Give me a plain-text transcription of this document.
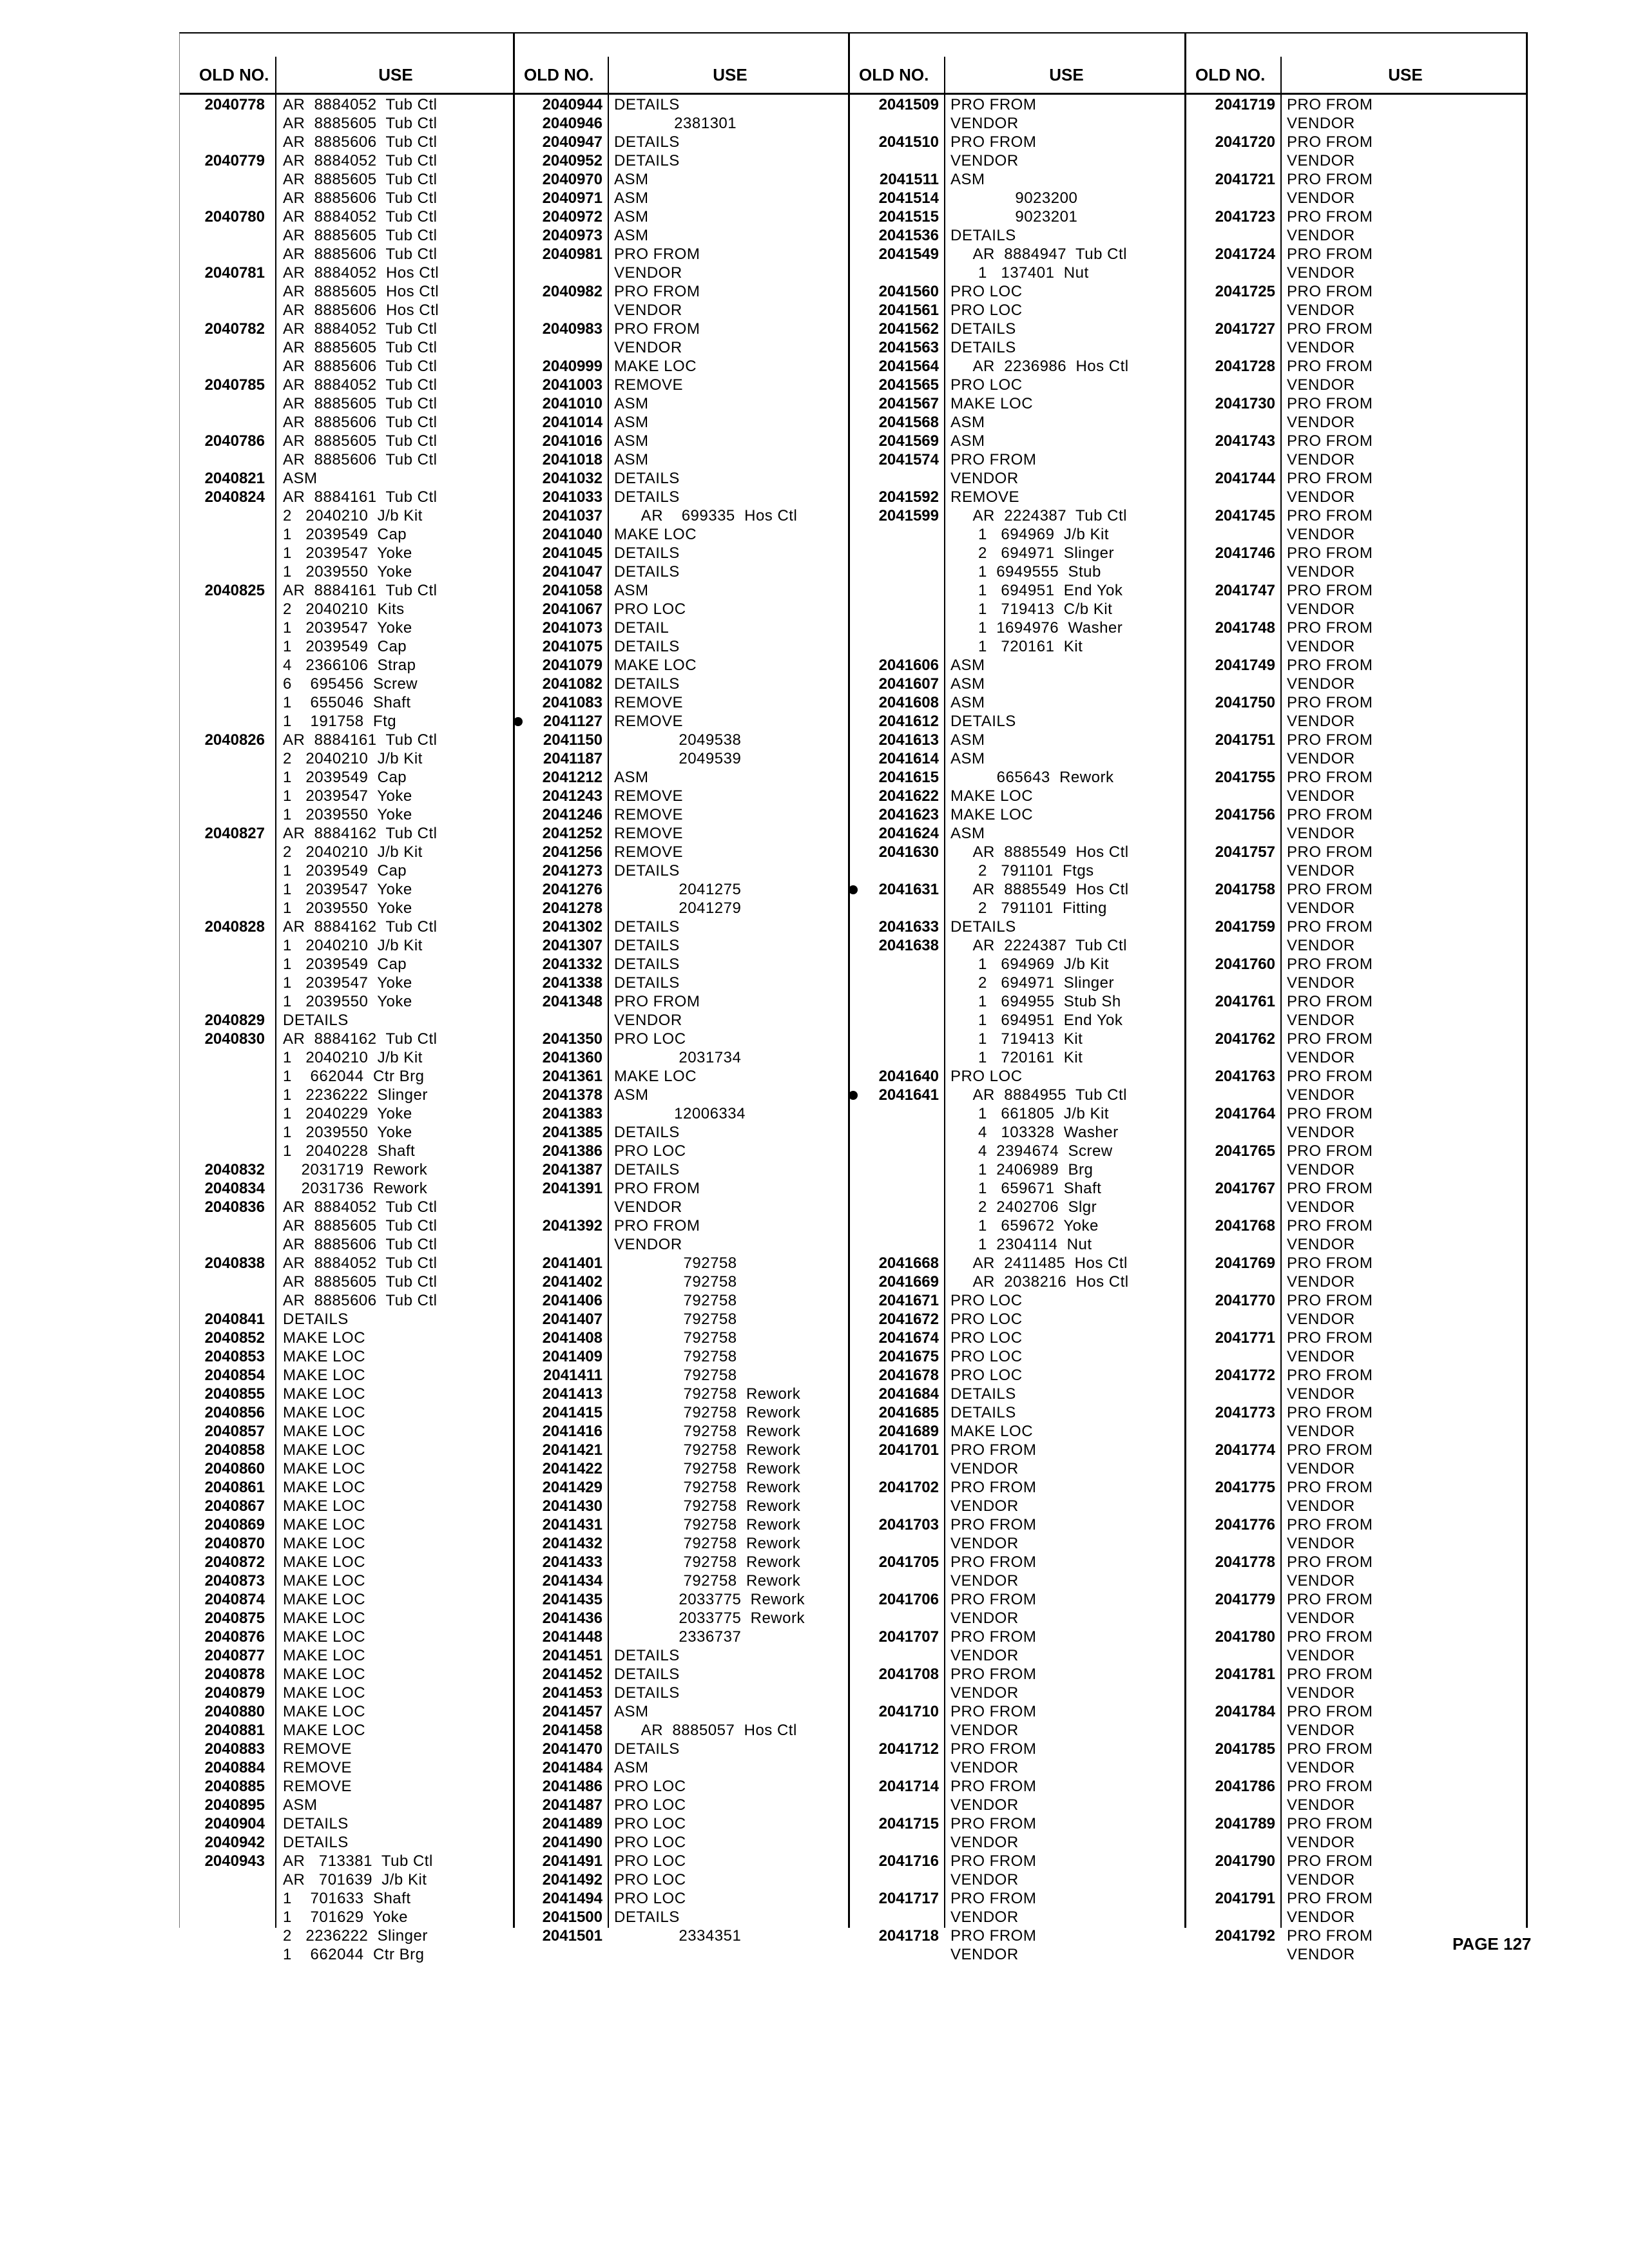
OLD NO.	USE
2040778 AR  8884052  Tub Ctl
AR  8885605  Tub Ctl
AR  8885606  Tub Ctl
2040779 AR  8884052  Tub Ctl
AR  8885605  Tub Ctl
AR  8885606  Tub Ctl
2040780 AR  8884052  Tub Ctl
AR  8885605  Tub Ctl
AR  8885606  Tub Ctl
2040781 AR  8884052  Hos Ctl
AR  8885605  Hos Ctl
AR  8885606  Hos Ctl
2040782 AR  8884052  Tub Ctl
AR  8885605  Tub Ctl
AR  8885606  Tub Ctl
2040785 AR  8884052  Tub Ctl
AR  8885605  Tub Ctl
AR  8885606  Tub Ctl
2040786 AR  8885605  Tub Ctl
AR  8885606  Tub Ctl
2040821 ASM
2040824 AR  8884161  Tub Ctl
2   2040210  J/b Kit
1   2039549  Cap
1   2039547  Yoke
1   2039550  Yoke
2040825 AR  8884161  Tub Ctl
2   2040210  Kits
1   2039547  Yoke
1   2039549  Cap
4   2366106  Strap
6    695456  Screw
1    655046  Shaft
1    191758  Ftg
2040826 AR  8884161  Tub Ctl
2   2040210  J/b Kit
1   2039549  Cap
1   2039547  Yoke
1   2039550  Yoke
2040827 AR  8884162  Tub Ctl
2   2040210  J/b Kit
1   2039549  Cap
1   2039547  Yoke
1   2039550  Yoke
2040828 AR  8884162  Tub Ctl
1   2040210  J/b Kit
1   2039549  Cap
1   2039547  Yoke
1   2039550  Yoke
2040829 DETAILS
2040830 AR  8884162  Tub Ctl
1   2040210  J/b Kit
1    662044  Ctr Brg
1   2236222  Slinger
1   2040229  Yoke
1   2039550  Yoke
1   2040228  Shaft
2040832 2031719  Rework
2040834 2031736  Rework
2040836 AR  8884052  Tub Ctl
AR  8885605  Tub Ctl
AR  8885606  Tub Ctl
2040838 AR  8884052  Tub Ctl
AR  8885605  Tub Ctl
AR  8885606  Tub Ctl
2040841 DETAILS
2040852 MAKE LOC
2040853 MAKE LOC
2040854 MAKE LOC
2040855 MAKE LOC
2040856 MAKE LOC
2040857 MAKE LOC
2040858 MAKE LOC
2040860 MAKE LOC
2040861 MAKE LOC
2040867 MAKE LOC
2040869 MAKE LOC
2040870 MAKE LOC
2040872 MAKE LOC
2040873 MAKE LOC
2040874 MAKE LOC
2040875 MAKE LOC
2040876 MAKE LOC
2040877 MAKE LOC
2040878 MAKE LOC
2040879 MAKE LOC
2040880 MAKE LOC
2040881 MAKE LOC
2040883 REMOVE
2040884 REMOVE
2040885 REMOVE
2040895 ASM
2040904 DETAILS
2040942 DETAILS
2040943 AR   713381  Tub Ctl
AR   701639  J/b Kit
1    701633  Shaft
1    701629  Yoke
2   2236222  Slinger
1    662044  Ctr Brg
OLD NO.	USE
2040944 DETAILS
2040946 2381301
2040947 DETAILS
2040952 DETAILS
2040970 ASM
2040971 ASM
2040972 ASM
2040973 ASM
2040981 PRO FROM
VENDOR
2040982 PRO FROM
VENDOR
2040983 PRO FROM
VENDOR
2040999 MAKE LOC
2041003 REMOVE
2041010 ASM
2041014 ASM
2041016 ASM
2041018 ASM
2041032 DETAILS
2041033 DETAILS
2041037 AR    699335  Hos Ctl
2041040 MAKE LOC
2041045 DETAILS
2041047 DETAILS
2041058 ASM
2041067 PRO LOC
2041073 DETAIL
2041075 DETAILS
2041079 MAKE LOC
2041082 DETAILS
2041083 REMOVE
2041127 REMOVE
2041150 2049538
2041187 2049539
2041212 ASM
2041243 REMOVE
2041246 REMOVE
2041252 REMOVE
2041256 REMOVE
2041273 DETAILS
2041276 2041275
2041278 2041279
2041302 DETAILS
2041307 DETAILS
2041332 DETAILS
2041338 DETAILS
2041348 PRO FROM
VENDOR
2041350 PRO LOC
2041360 2031734
2041361 MAKE LOC
2041378 ASM
2041383 12006334
2041385 DETAILS
2041386 PRO LOC
2041387 DETAILS
2041391 PRO FROM
VENDOR
2041392 PRO FROM
VENDOR
2041401 792758
2041402 792758
2041406 792758
2041407 792758
2041408 792758
2041409 792758
2041411 792758
2041413 792758  Rework
2041415 792758  Rework
2041416 792758  Rework
2041421 792758  Rework
2041422 792758  Rework
2041429 792758  Rework
2041430 792758  Rework
2041431 792758  Rework
2041432 792758  Rework
2041433 792758  Rework
2041434 792758  Rework
2041435 2033775  Rework
2041436 2033775  Rework
2041448 2336737
2041451 DETAILS
2041452 DETAILS
2041453 DETAILS
2041457 ASM
2041458 AR  8885057  Hos Ctl
2041470 DETAILS
2041484 ASM
2041486 PRO LOC
2041487 PRO LOC
2041489 PRO LOC
2041490 PRO LOC
2041491 PRO LOC
2041492 PRO LOC
2041494 PRO LOC
2041500 DETAILS
2041501 2334351
OLD NO.	USE
2041509 PRO FROM
VENDOR
2041510 PRO FROM
VENDOR
2041511 ASM
2041514 9023200
2041515 9023201
2041536 DETAILS
2041549 AR  8884947  Tub Ctl
1   137401  Nut
2041560 PRO LOC
2041561 PRO LOC
2041562 DETAILS
2041563 DETAILS
2041564 AR  2236986  Hos Ctl
2041565 PRO LOC
2041567 MAKE LOC
2041568 ASM
2041569 ASM
2041574 PRO FROM
VENDOR
2041592 REMOVE
2041599 AR  2224387  Tub Ctl
1   694969  J/b Kit
2   694971  Slinger
1  6949555  Stub
1   694951  End Yok
1   719413  C/b Kit
1  1694976  Washer
1   720161  Kit
2041606 ASM
2041607 ASM
2041608 ASM
2041612 DETAILS
2041613 ASM
2041614 ASM
2041615 665643  Rework
2041622 MAKE LOC
2041623 MAKE LOC
2041624 ASM
2041630 AR  8885549  Hos Ctl
2   791101  Ftgs
2041631 AR  8885549  Hos Ctl
2   791101  Fitting
2041633 DETAILS
2041638 AR  2224387  Tub Ctl
1   694969  J/b Kit
2   694971  Slinger
1   694955  Stub Sh
1   694951  End Yok
1   719413  Kit
1   720161  Kit
2041640 PRO LOC
2041641 AR  8884955  Tub Ctl
1   661805  J/b Kit
4   103328  Washer
4  2394674  Screw
1  2406989  Brg
1   659671  Shaft
2  2402706  Slgr
1   659672  Yoke
1  2304114  Nut
2041668 AR  2411485  Hos Ctl
2041669 AR  2038216  Hos Ctl
2041671 PRO LOC
2041672 PRO LOC
2041674 PRO LOC
2041675 PRO LOC
2041678 PRO LOC
2041684 DETAILS
2041685 DETAILS
2041689 MAKE LOC
2041701 PRO FROM
VENDOR
2041702 PRO FROM
VENDOR
2041703 PRO FROM
VENDOR
2041705 PRO FROM
VENDOR
2041706 PRO FROM
VENDOR
2041707 PRO FROM
VENDOR
2041708 PRO FROM
VENDOR
2041710 PRO FROM
VENDOR
2041712 PRO FROM
VENDOR
2041714 PRO FROM
VENDOR
2041715 PRO FROM
VENDOR
2041716 PRO FROM
VENDOR
2041717 PRO FROM
VENDOR
2041718 PRO FROM
VENDOR
OLD NO.	USE
2041719 PRO FROM
VENDOR
2041720 PRO FROM
VENDOR
2041721 PRO FROM
VENDOR
2041723 PRO FROM
VENDOR
2041724 PRO FROM
VENDOR
2041725 PRO FROM
VENDOR
2041727 PRO FROM
VENDOR
2041728 PRO FROM
VENDOR
2041730 PRO FROM
VENDOR
2041743 PRO FROM
VENDOR
2041744 PRO FROM
VENDOR
2041745 PRO FROM
VENDOR
2041746 PRO FROM
VENDOR
2041747 PRO FROM
VENDOR
2041748 PRO FROM
VENDOR
2041749 PRO FROM
VENDOR
2041750 PRO FROM
VENDOR
2041751 PRO FROM
VENDOR
2041755 PRO FROM
VENDOR
2041756 PRO FROM
VENDOR
2041757 PRO FROM
VENDOR
2041758 PRO FROM
VENDOR
2041759 PRO FROM
VENDOR
2041760 PRO FROM
VENDOR
2041761 PRO FROM
VENDOR
2041762 PRO FROM
VENDOR
2041763 PRO FROM
VENDOR
2041764 PRO FROM
VENDOR
2041765 PRO FROM
VENDOR
2041767 PRO FROM
VENDOR
2041768 PRO FROM
VENDOR
2041769 PRO FROM
VENDOR
2041770 PRO FROM
VENDOR
2041771 PRO FROM
VENDOR
2041772 PRO FROM
VENDOR
2041773 PRO FROM
VENDOR
2041774 PRO FROM
VENDOR
2041775 PRO FROM
VENDOR
2041776 PRO FROM
VENDOR
2041778 PRO FROM
VENDOR
2041779 PRO FROM
VENDOR
2041780 PRO FROM
VENDOR
2041781 PRO FROM
VENDOR
2041784 PRO FROM
VENDOR
2041785 PRO FROM
VENDOR
2041786 PRO FROM
VENDOR
2041789 PRO FROM
VENDOR
2041790 PRO FROM
VENDOR
2041791 PRO FROM
VENDOR
2041792 PRO FROM
VENDOR
PAGE 127
